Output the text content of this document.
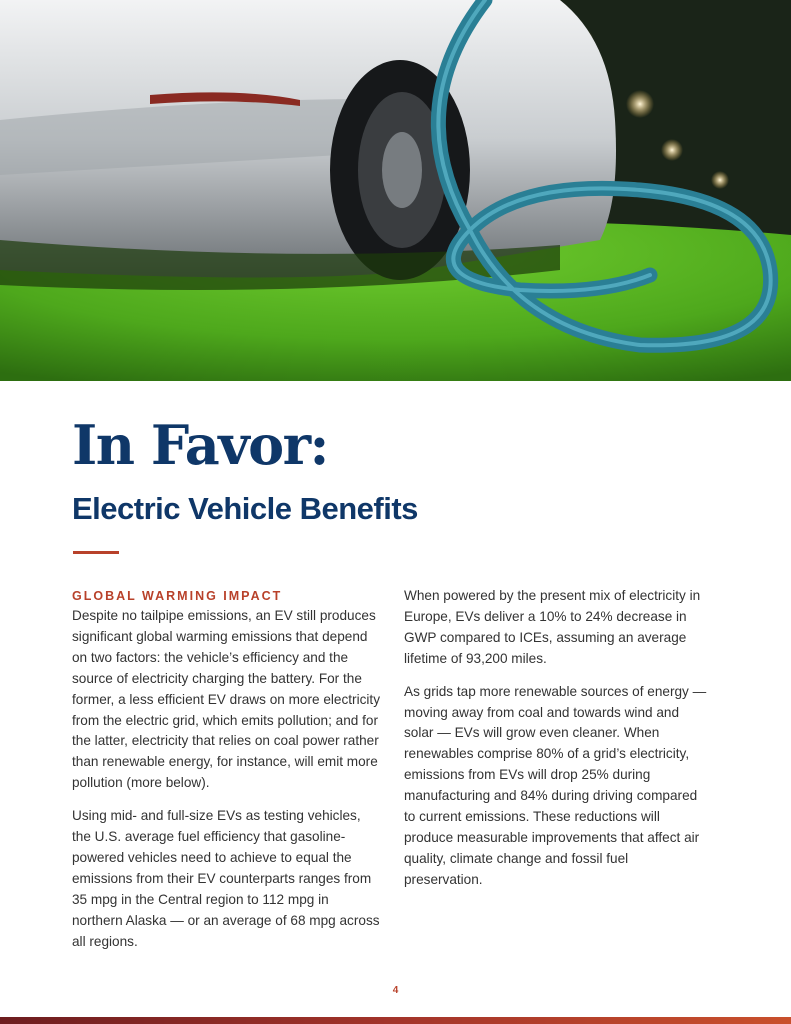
In Favor:
Electric Vehicle Benefits
GLOBAL WARMING IMPACT

Despite no tailpipe emissions, an EV still produces significant global warming emissions that depend on two factors: the vehicle’s efficiency and the source of electricity charging the battery. For the former, a less efficient EV draws on more electricity from the electric grid, which emits pollution; and for the latter, electricity that relies on coal power rather than renewable energy, for instance, will emit more pollution (more below).

Using mid- and full-size EVs as testing vehicles, the U.S. average fuel efficiency that gasoline-powered vehicles need to achieve to equal the emissions from their EV counterparts ranges from 35 mpg in the Central region to 112 mpg in northern Alaska — or an average of 68 mpg across all regions.

When powered by the present mix of electricity in Europe, EVs deliver a 10% to 24% decrease in GWP compared to ICEs, assuming an average lifetime of 93,200 miles.

As grids tap more renewable sources of energy —moving away from coal and towards wind and solar — EVs will grow even cleaner. When renewables comprise 80% of a grid’s electricity, emissions from EVs will drop 25% during manufacturing and 84% during driving compared to current emissions. These reductions will produce measurable improvements that affect air quality, climate change and fossil fuel preservation.

4
